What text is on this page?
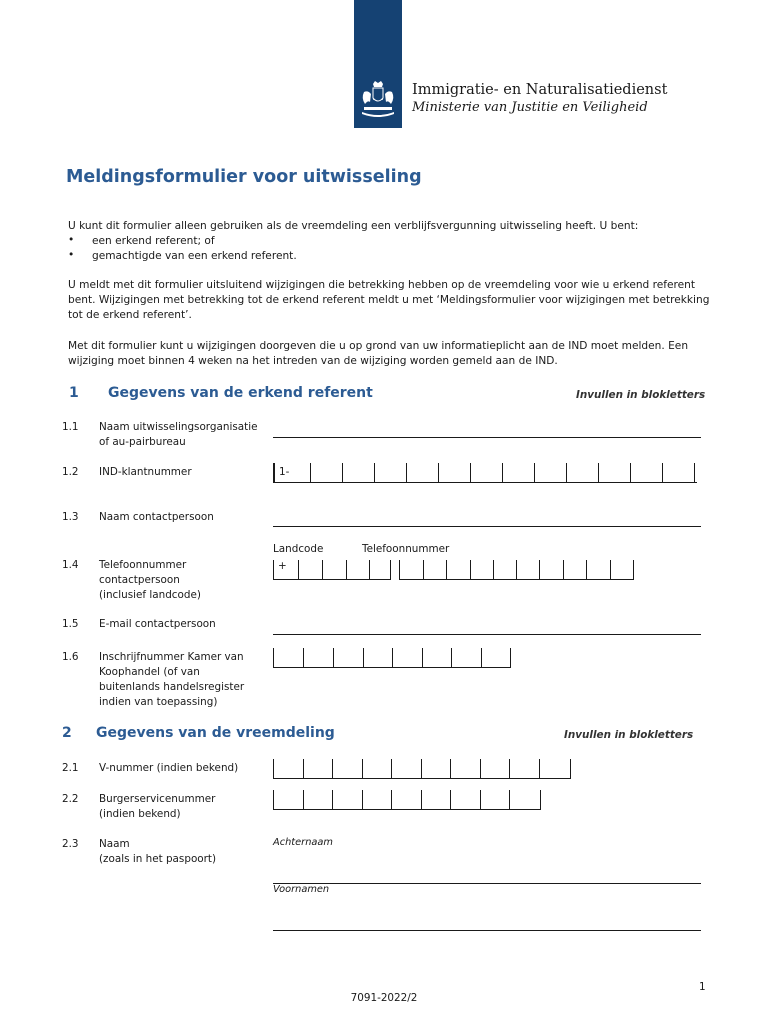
Immigratie- en Naturalisatiedienst
Ministerie van Justitie en Veiligheid
Meldingsformulier voor uitwisseling
U kunt dit formulier alleen gebruiken als de vreemdeling een verblijfsvergunning uitwisseling heeft. U bent:
• een erkend referent; of
• gemachtigde van een erkend referent.
U meldt met dit formulier uitsluitend wijzigingen die betrekking hebben op de vreemdeling voor wie u erkend referent
bent. Wijzigingen met betrekking tot de erkend referent meldt u met ‘Meldingsformulier voor wijzigingen met betrekking
tot de erkend referent’.
Met dit formulier kunt u wijzigingen doorgeven die u op grond van uw informatieplicht aan de IND moet melden. Een
wijziging moet binnen 4 weken na het intreden van de wijziging worden gemeld aan de IND.
1 Gegevens van de erkend referent	Invullen in blokletters
1.1 Naam uitwisselingsorganisatie
of au-pairbureau
1.2 IND-klantnummer	1-
1.3 Naam contactpersoon
Landcode	Telefoonnummer
1.4 Telefoonnummer
contactpersoon
(inclusief landcode)
+
1.5 E-mail contactpersoon
1.6 Inschrijfnummer Kamer van
Koophandel (of van
buitenlands handelsregister
indien van toepassing)
2 Gegevens van de vreemdeling	Invullen in blokletters
2.1 V-nummer (indien bekend)
2.2 Burgerservicenummer
(indien bekend)
2.3 Naam
(zoals in het paspoort)
Achternaam
Voornamen
1
7091-2022/2
